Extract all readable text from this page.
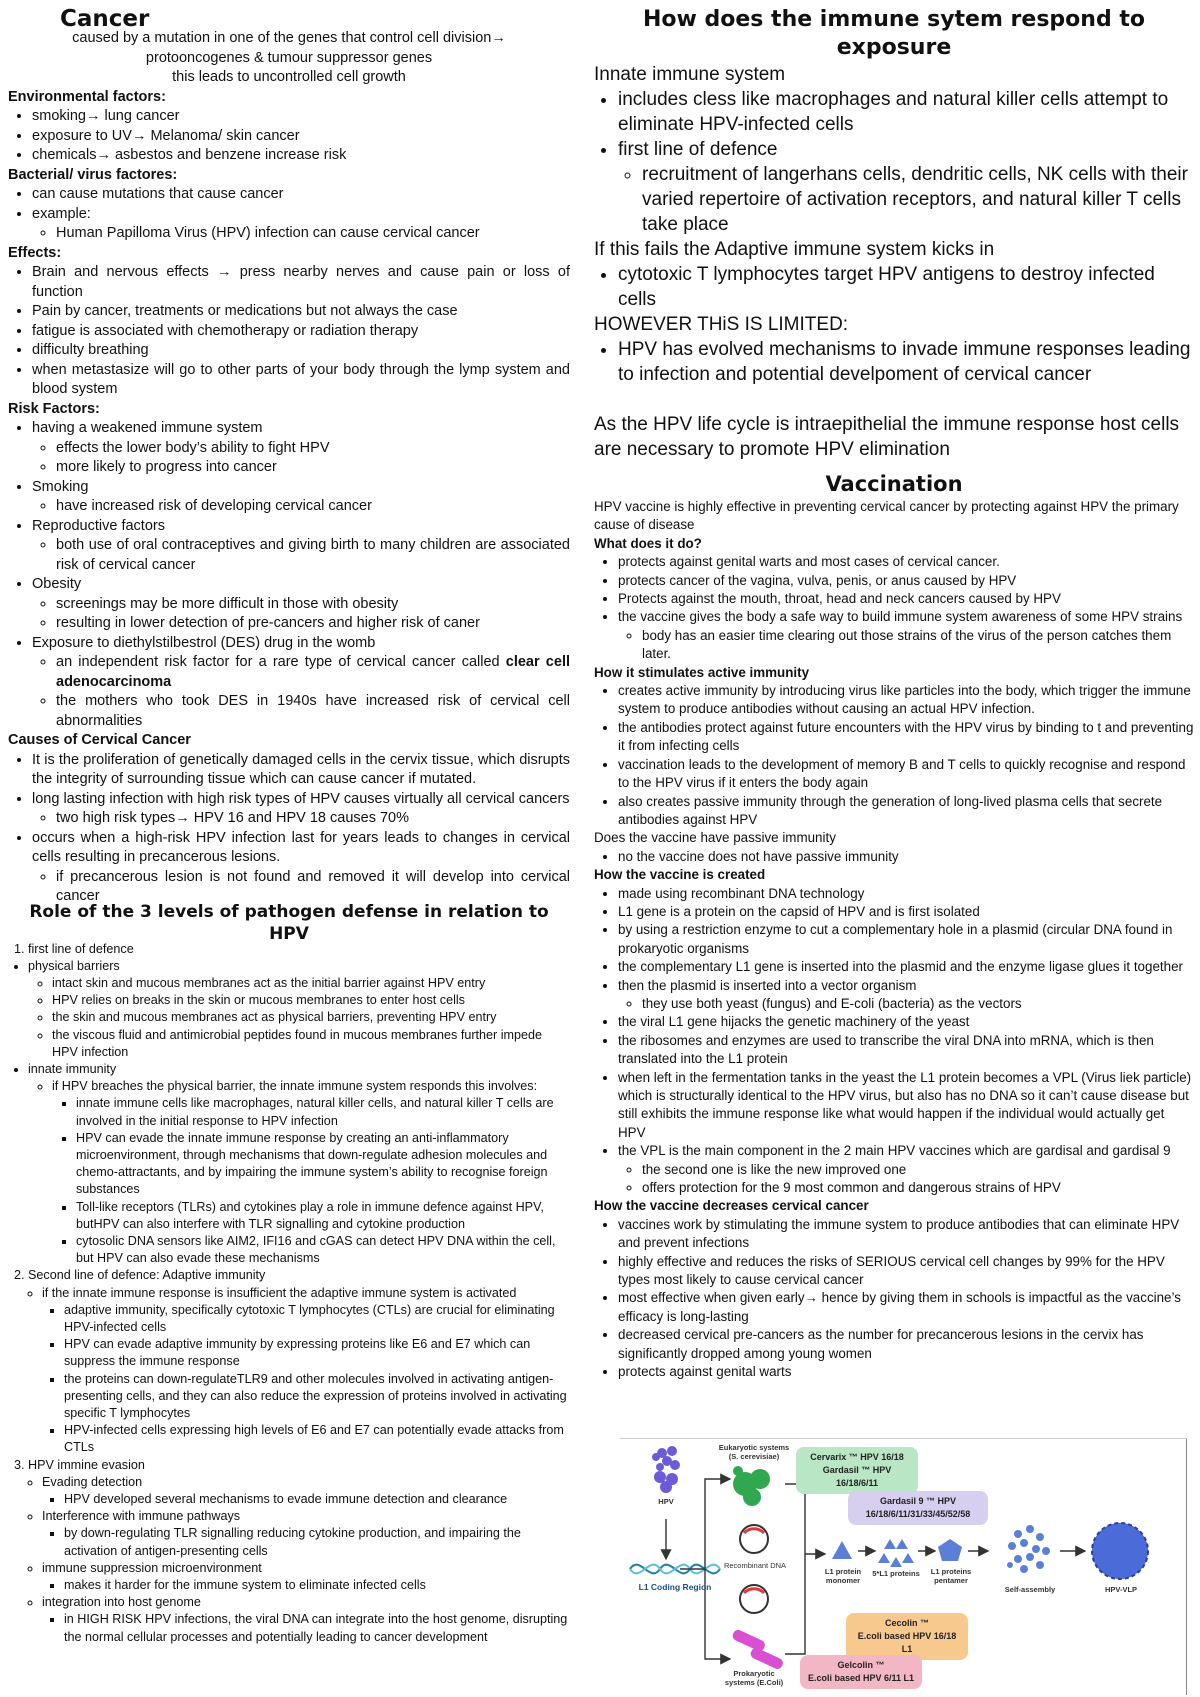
Cancer
caused by a mutation in one of the genes that control cell division→
protooncogenes & tumour suppressor genes
this leads to uncontrolled cell growth

Environmental factors:

• smoking→ lung cancer
• exposure to UV→ Melanoma/ skin cancer
• chemicals→ asbestos and benzene increase risk

Bacterial/ virus factores:

• can cause mutations that cause cancer
• example:
◦ Human Papilloma Virus (HPV) infection can cause cervical cancer

Effects:

• Brain and nervous effects → press nearby nerves and cause pain or loss of function
• Pain by cancer, treatments or medications but not always the case
• fatigue is associated with chemotherapy or radiation therapy
• difficulty breathing
• when metastasize will go to other parts of your body through the lymp system and blood system

Risk Factors:

• having a weakened immune system
◦ effects the lower body’s ability to fight HPV
◦ more likely to progress into cancer
• Smoking
◦ have increased risk of developing cervical cancer
• Reproductive factors
◦ both use of oral contraceptives and giving birth to many children are associated risk of cervical cancer
• Obesity
◦ screenings may be more difficult in those with obesity
◦ resulting in lower detection of pre-cancers and higher risk of caner
• Exposure to diethylstilbestrol (DES) drug in the womb
◦ an independent risk factor for a rare type of cervical cancer called clear cell adenocarcinoma
◦ the mothers who took DES in 1940s have increased risk of cervical cell abnormalities

Causes of Cervical Cancer

• It is the proliferation of genetically damaged cells in the cervix tissue, which disrupts the integrity of surrounding tissue which can cause cancer if mutated.
• long lasting infection with high risk types of HPV causes virtually all cervical cancers
◦ two high risk types→ HPV 16 and HPV 18 causes 70%
• occurs when a high-risk HPV infection last for years leads to changes in cervical cells resulting in precancerous lesions.
◦ if precancerous lesion is not found and removed it will develop into cervical cancer
Role of the 3 levels of pathogen defense in relation to HPV
1. first line of defence
• physical barriers
◦ intact skin and mucous membranes act as the initial barrier against HPV entry
◦ HPV relies on breaks in the skin or mucous membranes to enter host cells
◦ the skin and mucous membranes act as physical barriers, preventing HPV entry
◦ the viscous fluid and antimicrobial peptides found in mucous membranes further impede HPV infection
• innate immunity
◦ if HPV breaches the physical barrier, the innate immune system responds this involves:
▪ innate immune cells like macrophages, natural killer cells, and natural killer T cells are involved in the initial response to HPV infection
▪ HPV can evade the innate immune response by creating an anti-inflammatory microenvironment, through mechanisms that down-regulate adhesion molecules and chemo-attractants, and by impairing the immune system’s ability to recognise foreign substances
▪ Toll-like receptors (TLRs) and cytokines play a role in immune defence against HPV, butHPV can also interfere with TLR signalling and cytokine production
▪ cytosolic DNA sensors like AIM2, IFI16 and cGAS can detect HPV DNA within the cell, but HPV can also evade these mechanisms
2. Second line of defence: Adaptive immunity
◦ if the innate immune response is insufficient the adaptive immune system is activated
▪ adaptive immunity, specifically cytotoxic T lymphocytes (CTLs) are crucial for eliminating HPV-infected cells
▪ HPV can evade adaptive immunity by expressing proteins like E6 and E7 which can suppress the immune response
▪ the proteins can down-regulateTLR9 and other molecules involved in activating antigen-presenting cells, and they can also reduce the expression of proteins involved in activating specific T lymphocytes
▪ HPV-infected cells expressing high levels of E6 and E7 can potentially evade attacks from CTLs
3. HPV immine evasion
◦ Evading detection
▪ HPV developed several mechanisms to evade immune detection and clearance
◦ Interference with immune pathways
▪ by down-regulating TLR signalling reducing cytokine production, and impairing the activation of antigen-presenting cells
◦ immune suppression microenvironment
▪ makes it harder for the immune system to eliminate infected cells
◦ integration into host genome
▪ in HIGH RISK HPV infections, the viral DNA can integrate into the host genome, disrupting the normal cellular processes and potentially leading to cancer development
How does the immune sytem respond to exposure

Innate immune system

• includes cless like macrophages and natural killer cells attempt to eliminate HPV-infected cells
• first line of defence
◦ recruitment of langerhans cells, dendritic cells, NK cells with their varied repertoire of activation receptors, and natural killer T cells take place

If this fails the Adaptive immune system kicks in

• cytotoxic T lymphocytes target HPV antigens to destroy infected cells

HOWEVER THiS IS LIMITED:

• HPV has evolved mechanisms to invade immune responses leading to infection and potential develpoment of cervical cancer

As the HPV life cycle is intraepithelial the immune response host cells are necessary to promote HPV elimination

Vaccination

HPV vaccine is highly effective in preventing cervical cancer by protecting against HPV the primary cause of disease

What does it do?

• protects against genital warts and most cases of cervical cancer.
• protects cancer of the vagina, vulva, penis, or anus caused by HPV
• Protects against the mouth, throat, head and neck cancers caused by HPV
• the vaccine gives the body a safe way to build immune system awareness of some HPV strains
◦ body has an easier time clearing out those strains of the virus of the person catches them later.

How it stimulates active immunity

• creates active immunity by introducing virus like particles into the body, which trigger the immune system to produce antibodies without causing an actual HPV infection.
• the antibodies protect against future encounters with the HPV virus by binding to t and preventing it from infecting cells
• vaccination leads to the development of memory B and T cells to quickly recognise and respond to the HPV virus if it enters the body again
• also creates passive immunity through the generation of long-lived plasma cells that secrete antibodies against HPV

Does the vaccine have passive immunity

• no the vaccine does not have passive immunity

How the vaccine is created

• made using recombinant DNA technology
• L1 gene is a protein on the capsid of HPV and is first isolated
• by using a restriction enzyme to cut a complementary hole in a plasmid (circular DNA found in prokaryotic organisms
• the complementary L1 gene is inserted into the plasmid and the enzyme ligase glues it together
• then the plasmid is inserted into a vector organism
◦ they use both yeast (fungus) and E-coli (bacteria) as the vectors
• the viral L1 gene hijacks the genetic machinery of the yeast
• the ribosomes and enzymes are used to transcribe the viral DNA into mRNA, which is then translated into the L1 protein
• when left in the fermentation tanks in the yeast the L1 protein becomes a VPL (Virus liek particle) which is structurally identical to the HPV virus, but also has no DNA so it can’t cause disease but still exhibits the immune response like what would happen if the individual would actually get HPV
• the VPL is the main component in the 2 main HPV vaccines which are gardisal and gardisal 9
◦ the second one is like the new improved one
◦ offers protection for the 9 most common and dangerous strains of HPV

How the vaccine decreases cervical cancer

• vaccines work by stimulating the immune system to produce antibodies that can eliminate HPV and prevent infections
• highly effective and reduces the risks of SERIOUS cervical cell changes by 99% for the HPV types most likely to cause cervical cancer
• most effective when given early→ hence by giving them in schools is impactful as the vaccine’s efficacy is long-lasting
• decreased cervical pre-cancers as the number for precancerous lesions in the cervix has significantly dropped among young women
• protects against genital warts
HPV
Eukaryotic systems (S. cerevisiae)
Prokaryotic systems (E.Coli)
Recombinant DNA
L1 Coding Region
L1 protein monomer
5*L1 proteins	L1 proteins pentamer
Self-assembly	HPV-VLP
Cervarix ™ HPV 16/18
Gardasil ™ HPV 16/18/6/11
Gardasil 9 ™ HPV
16/18/6/11/31/33/45/52/58
Cecolin ™
E.coli based HPV 16/18 L1
Gelcolin ™
E.coli based HPV 6/11 L1
